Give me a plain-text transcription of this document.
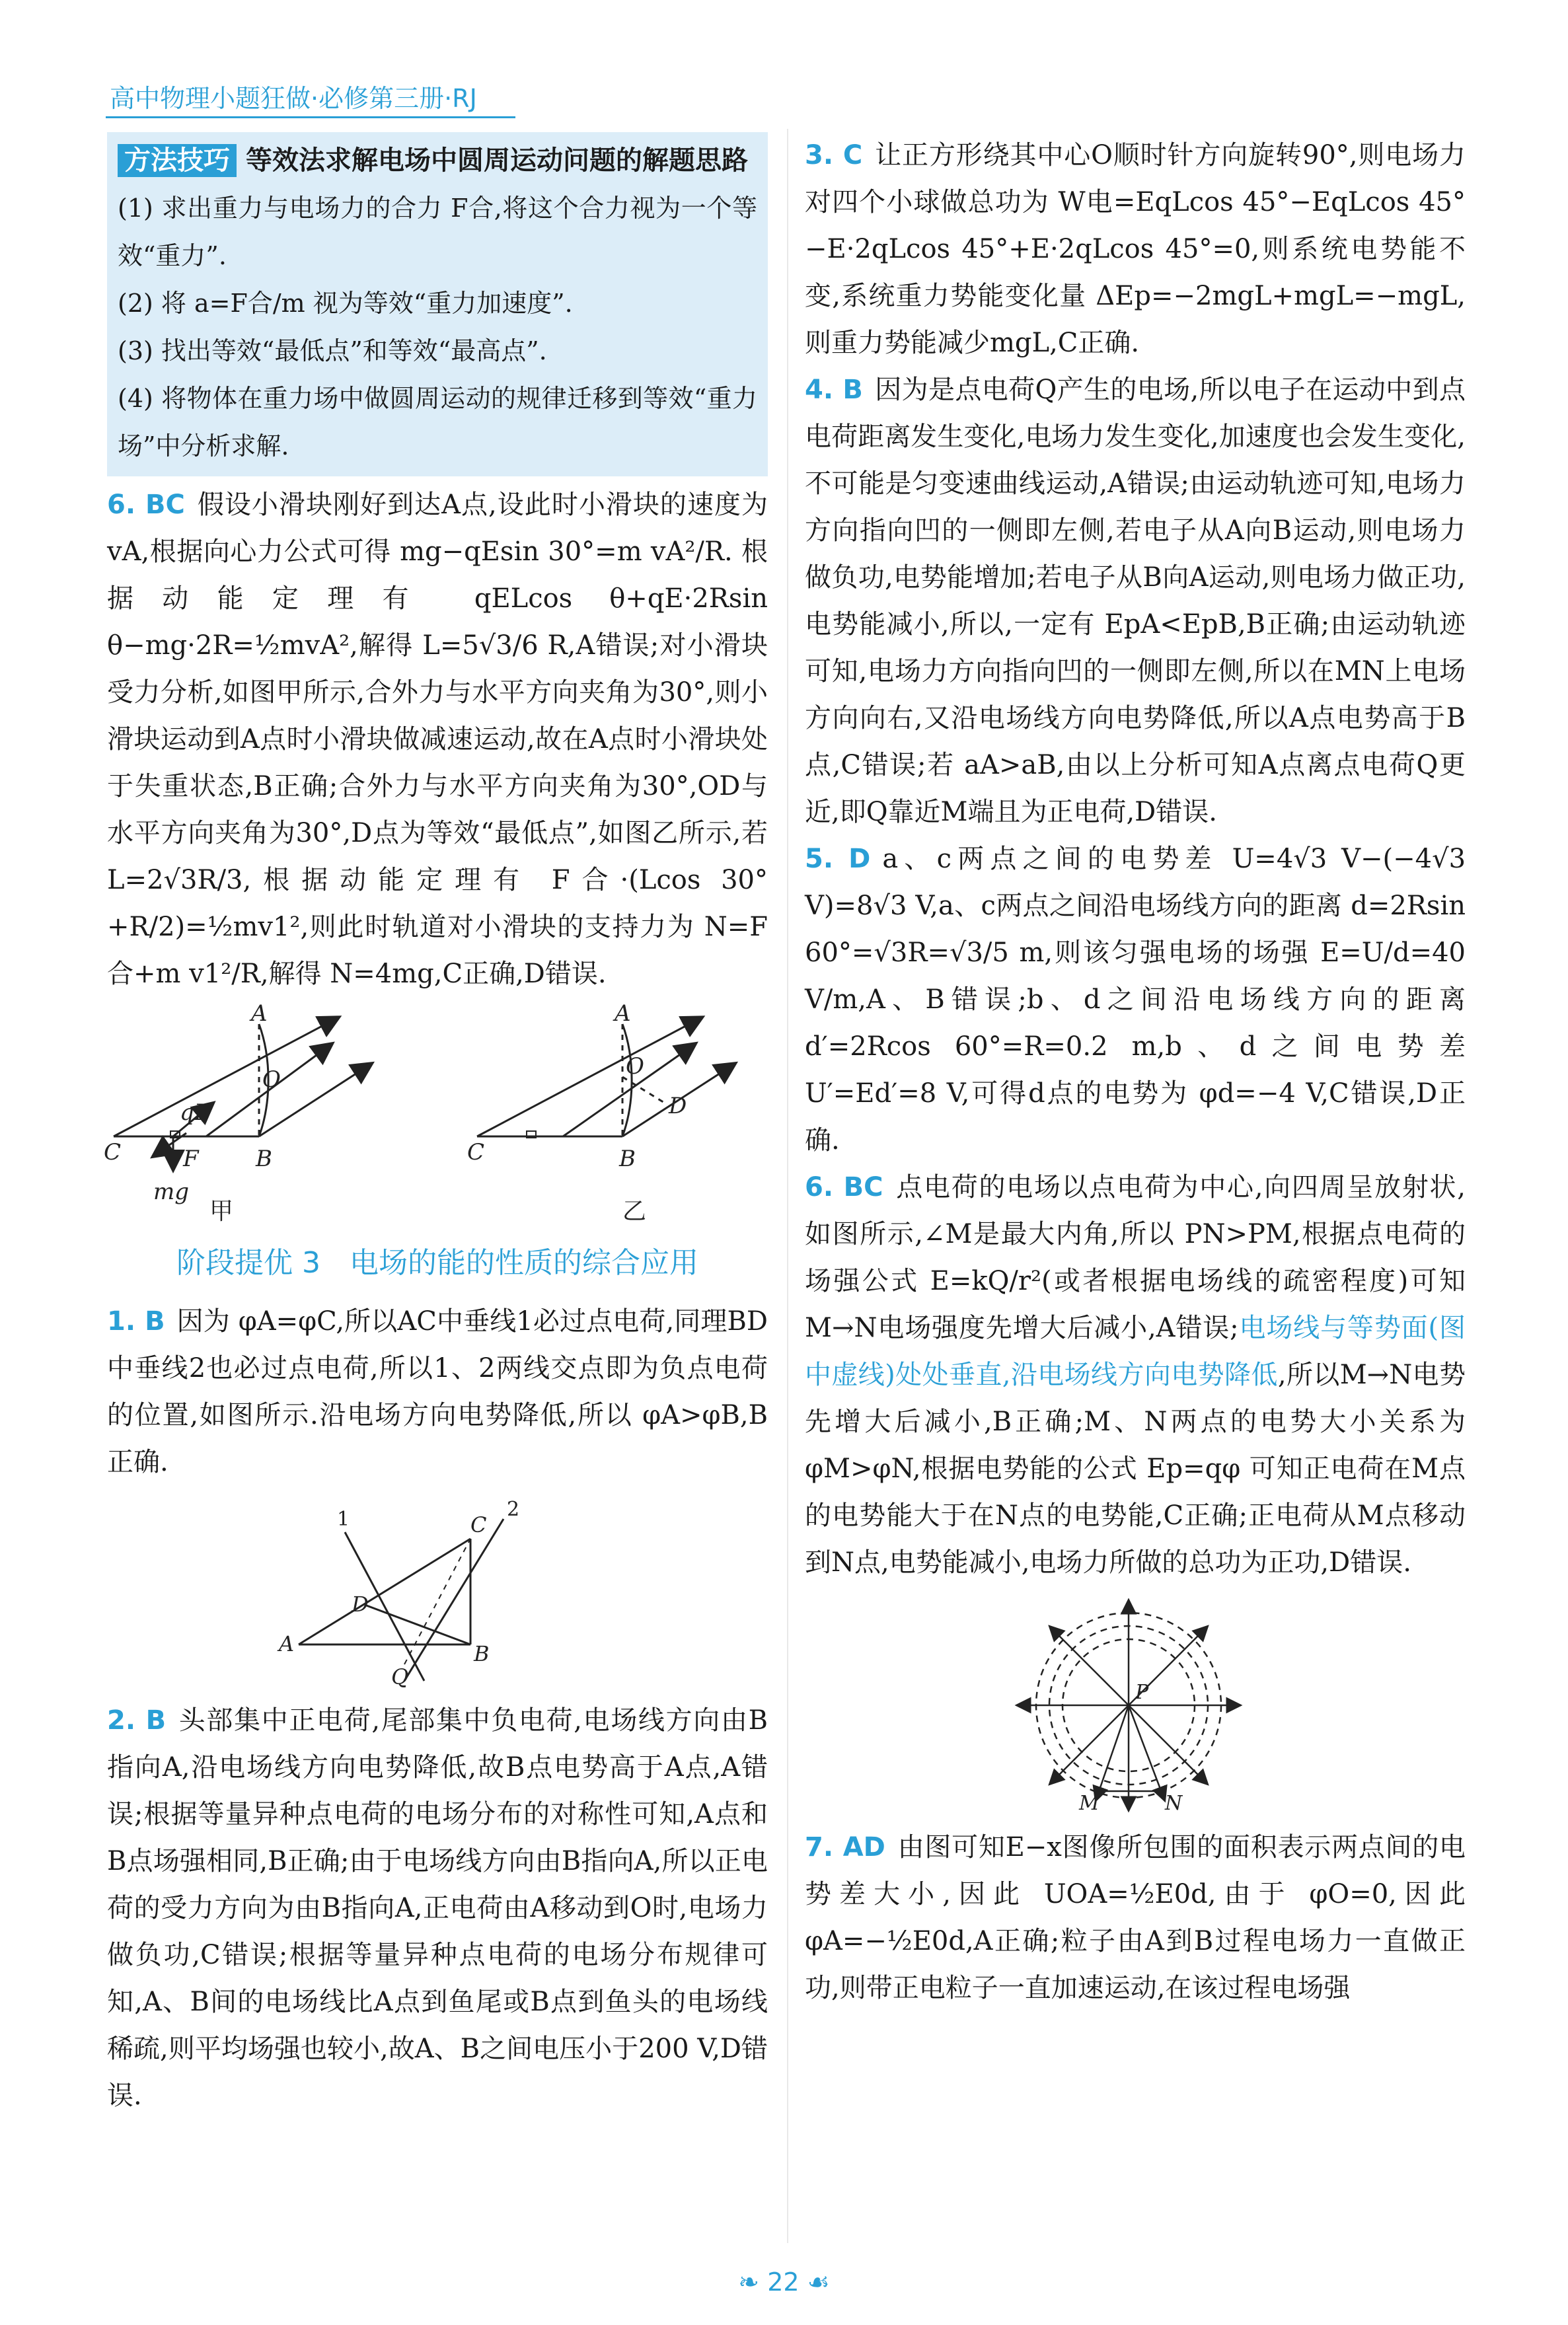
高中物理小题狂做·必修第三册·RJ
方法技巧 等效法求解电场中圆周运动问题的解题思路
(1) 求出重力与电场力的合力 F合,将这个合力视为一个等效“重力”.
(2) 将 a=F合/m 视为等效“重力加速度”.
(3) 找出等效“最低点”和等效“最高点”.
(4) 将物体在重力场中做圆周运动的规律迁移到等效“重力场”中分析求解.

6. BC 假设小滑块刚好到达A点,设此时小滑块的速度为vA,根据向心力公式可得 mg−qEsin 30°=m vA²/R. 根据动能定理有 qELcos θ+qE·2Rsin θ−mg·2R=½mvA²,解得 L=5√3/6 R,A错误;对小滑块受力分析,如图甲所示,合外力与水平方向夹角为30°,则小滑块运动到A点时小滑块做减速运动,故在A点时小滑块处于失重状态,B正确;合外力与水平方向夹角为30°,OD与水平方向夹角为30°,D点为等效“最低点”,如图乙所示,若 L=2√3R/3,根据动能定理有 F合·(Lcos 30°+R/2)=½mv1²,则此时轨道对小滑块的支持力为 N=F合+m v1²/R,解得 N=4mg,C正确,D错误.

C
A
O
B
qE
F
mg
甲
C
A
O
D
B
乙
阶段提优 3　电场的能的性质的综合应用

1. B 因为 φA=φC,所以AC中垂线1必过点电荷,同理BD中垂线2也必过点电荷,所以1、2两线交点即为负点电荷的位置,如图所示.沿电场方向电势降低,所以 φA>φB,B正确.

A
C
B
D
Q
1	2

2. B 头部集中正电荷,尾部集中负电荷,电场线方向由B指向A,沿电场线方向电势降低,故B点电势高于A点,A错误;根据等量异种点电荷的电场分布的对称性可知,A点和B点场强相同,B正确;由于电场线方向由B指向A,所以正电荷的受力方向为由B指向A,正电荷由A移动到O时,电场力做负功,C错误;根据等量异种点电荷的电场分布规律可知,A、B间的电场线比A点到鱼尾或B点到鱼头的电场线稀疏,则平均场强也较小,故A、B之间电压小于200 V,D错误.

3. C 让正方形绕其中心O顺时针方向旋转90°,则电场力对四个小球做总功为 W电=EqLcos 45°−EqLcos 45°−E·2qLcos 45°+E·2qLcos 45°=0,则系统电势能不变,系统重力势能变化量 ΔEp=−2mgL+mgL=−mgL,则重力势能减少mgL,C正确.

4. B 因为是点电荷Q产生的电场,所以电子在运动中到点电荷距离发生变化,电场力发生变化,加速度也会发生变化,不可能是匀变速曲线运动,A错误;由运动轨迹可知,电场力方向指向凹的一侧即左侧,若电子从A向B运动,则电场力做负功,电势能增加;若电子从B向A运动,则电场力做正功,电势能减小,所以,一定有 EpA<EpB,B正确;由运动轨迹可知,电场力方向指向凹的一侧即左侧,所以在MN上电场方向向右,又沿电场线方向电势降低,所以A点电势高于B点,C错误;若 aA>aB,由以上分析可知A点离点电荷Q更近,即Q靠近M端且为正电荷,D错误.

5. D a、c两点之间的电势差 U=4√3 V−(−4√3 V)=8√3 V,a、c两点之间沿电场线方向的距离 d=2Rsin 60°=√3R=√3/5 m,则该匀强电场的场强 E=U/d=40 V/m,A、B错误;b、d之间沿电场线方向的距离 d′=2Rcos 60°=R=0.2 m,b、d之间电势差 U′=Ed′=8 V,可得d点的电势为 φd=−4 V,C错误,D正确.

6. BC 点电荷的电场以点电荷为中心,向四周呈放射状,如图所示,∠M是最大内角,所以 PN>PM,根据点电荷的场强公式 E=kQ/r²(或者根据电场线的疏密程度)可知M→N电场强度先增大后减小,A错误;电场线与等势面(图中虚线)处处垂直,沿电场线方向电势降低,所以M→N电势先增大后减小,B正确;M、N两点的电势大小关系为 φM>φN,根据电势能的公式 Ep=qφ 可知正电荷在M点的电势能大于在N点的电势能,C正确;正电荷从M点移动到N点,电势能减小,电场力所做的总功为正功,D错误.

P
M	N

7. AD 由图可知E−x图像所包围的面积表示两点间的电势差大小,因此 UOA=½E0d,由于 φO=0,因此 φA=−½E0d,A正确;粒子由A到B过程电场力一直做正功,则带正电粒子一直加速运动,在该过程电场强

❧ 22 ☙
